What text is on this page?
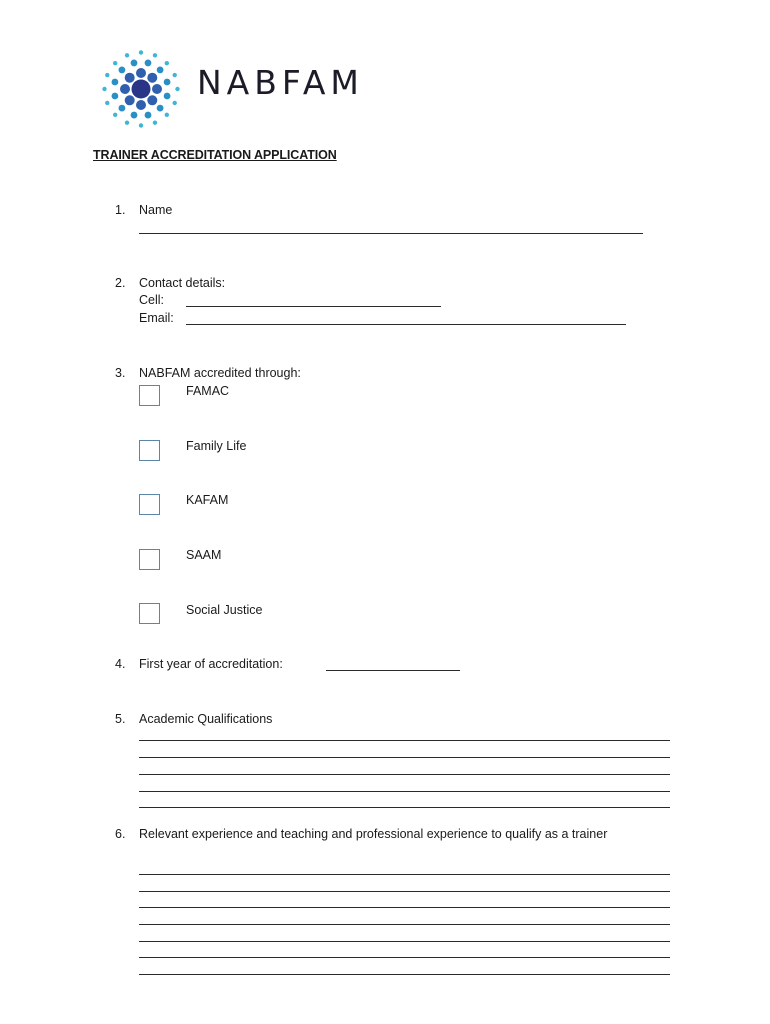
NABFAM
TRAINER ACCREDITATION APPLICATION
1.	Name
2.	Contact details:
Cell:
Email:
3.	NABFAM accredited through:
FAMAC
Family Life
KAFAM
SAAM
Social Justice
4.	First year of accreditation:
5.	Academic Qualifications
6.	Relevant experience and teaching and professional experience to qualify as a trainer
